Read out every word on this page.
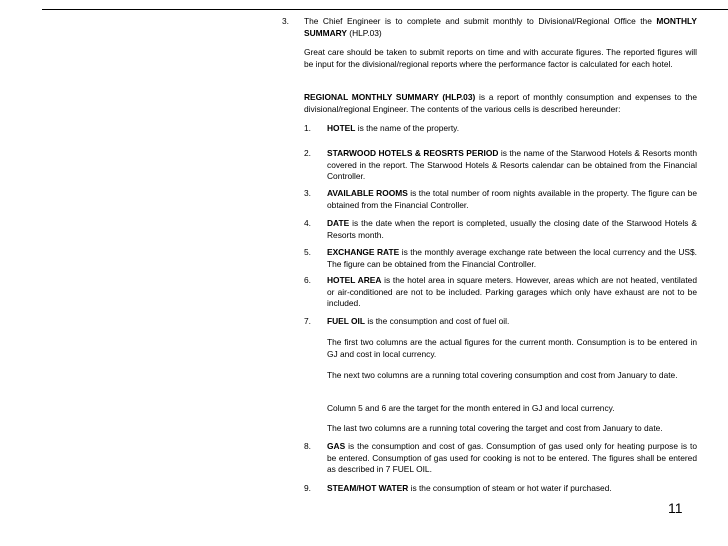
3. The Chief Engineer is to complete and submit monthly to Divisional/Regional Office the MONTHLY SUMMARY (HLP.03)
Great care should be taken to submit reports on time and with accurate figures. The reported figures will be input for the divisional/regional reports where the performance factor is calculated for each hotel.
REGIONAL MONTHLY SUMMARY (HLP.03) is a report of monthly consumption and expenses to the divisional/regional Engineer. The contents of the various cells is described hereunder:
1. HOTEL is the name of the property.
2. STARWOOD HOTELS & REOSRTS PERIOD is the name of the Starwood Hotels & Resorts month covered in the report. The Starwood Hotels & Resorts calendar can be obtained from the Financial Controller.
3. AVAILABLE ROOMS is the total number of room nights available in the property. The figure can be obtained from the Financial Controller.
4. DATE is the date when the report is completed, usually the closing date of the Starwood Hotels & Resorts month.
5. EXCHANGE RATE is the monthly average exchange rate between the local currency and the US$. The figure can be obtained from the Financial Controller.
6. HOTEL AREA is the hotel area in square meters. However, areas which are not heated, ventilated or air-conditioned are not to be included. Parking garages which only have exhaust are not to be included.
7. FUEL OIL is the consumption and cost of fuel oil.
The first two columns are the actual figures for the current month. Consumption is to be entered in GJ and cost in local currency.
The next two columns are a running total covering consumption and cost from January to date.
Column 5 and 6 are the target for the month entered in GJ and local currency.
The last two columns are a running total covering the target and cost from January to date.
8. GAS is the consumption and cost of gas. Consumption of gas used only for heating purpose is to be entered. Consumption of gas used for cooking is not to be entered. The figures shall be entered as described in 7 FUEL OIL.
9. STEAM/HOT WATER is the consumption of steam or hot water if purchased.
11
